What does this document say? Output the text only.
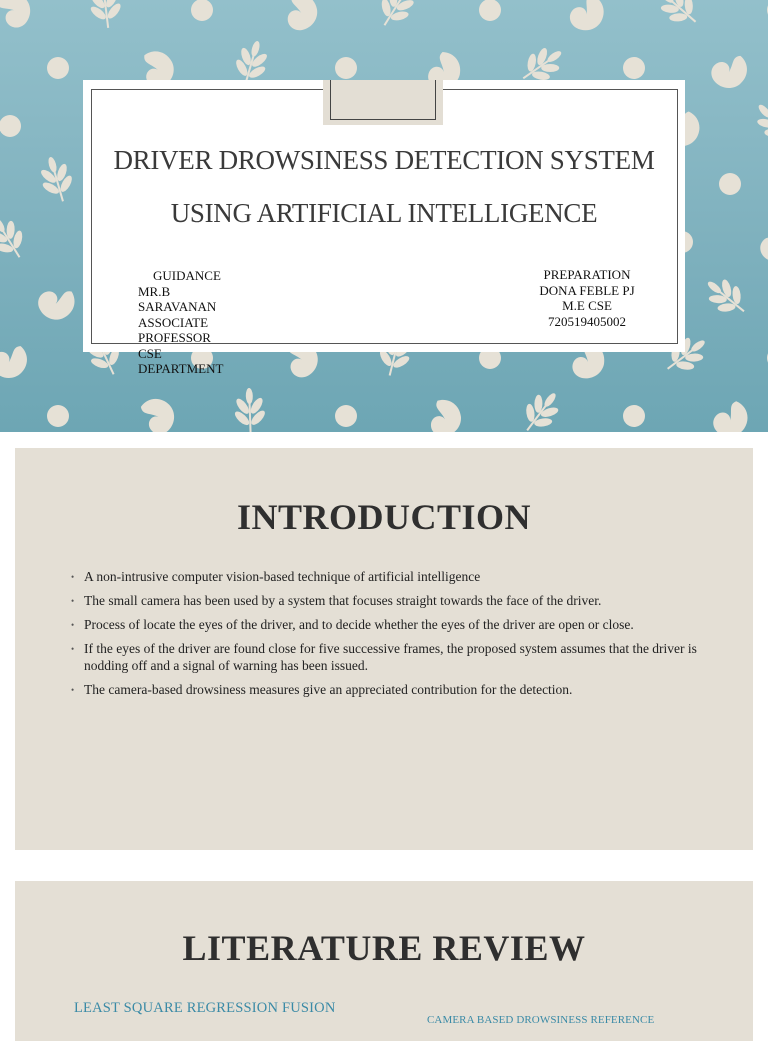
DRIVER DROWSINESS DETECTION SYSTEM
USING ARTIFICIAL INTELLIGENCE
GUIDANCE
MR.B
SARAVANAN
ASSOCIATE
PROFESSOR
CSE
DEPARTMENT
PREPARATION
DONA FEBLE PJ
M.E CSE
720519405002
INTRODUCTION
• A non-intrusive computer vision-based technique of artificial intelligence
• The small camera has been used by a system that focuses straight towards the face of the driver.
• Process of locate the eyes of the driver, and to decide whether the eyes of the driver are open or close.
• If the eyes of the driver are found close for five successive frames, the proposed system assumes that the driver is nodding off and a signal of warning has been issued.
• The camera-based drowsiness measures give an appreciated contribution for the detection.
LITERATURE REVIEW
LEAST SQUARE REGRESSION FUSION
CAMERA BASED DROWSINESS REFERENCE
